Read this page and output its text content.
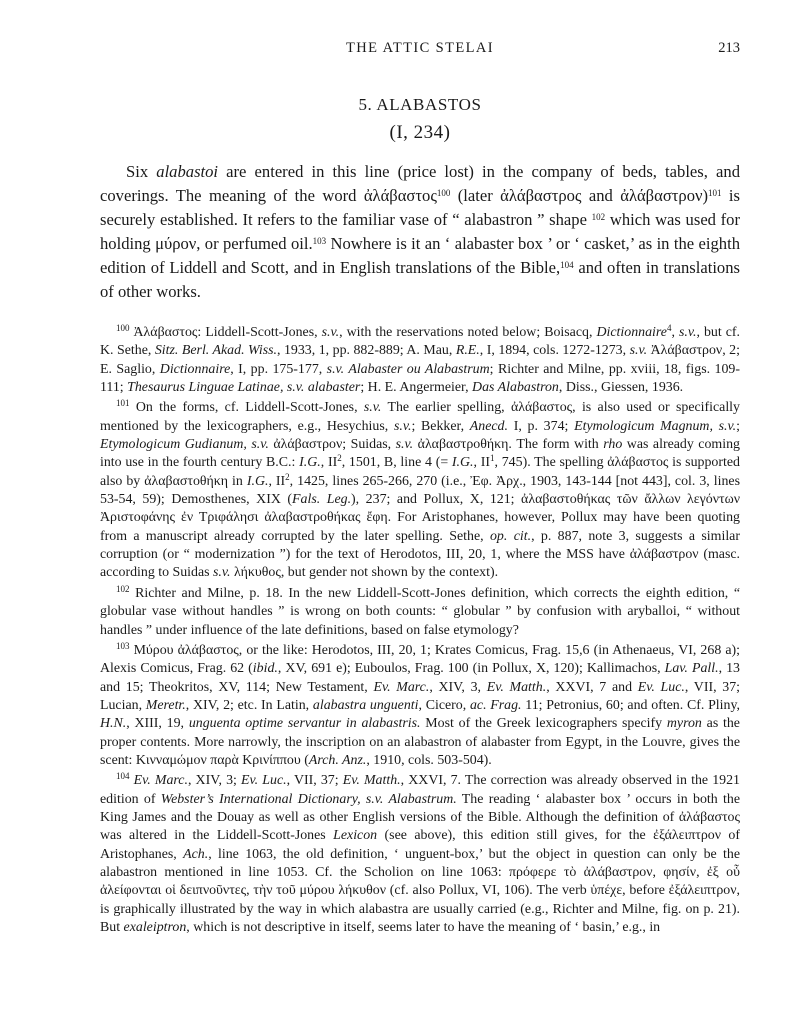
THE ATTIC STELAI	213
5. ALABASTOS
(I, 234)

Six alabastoi are entered in this line (price lost) in the company of beds, tables, and coverings. The meaning of the word ἀλάβαστος$^{100}$ (later ἀλάβαστρος and ἀλάβαστρον)$^{101}$ is securely established. It refers to the familiar vase of “ alabastron ” shape $^{102}$ which was used for holding μύρον, or perfumed oil.$^{103}$ Nowhere is it an ‘ alabaster box ’ or ‘ casket,’ as in the eighth edition of Liddell and Scott, and in English translations of the Bible,$^{104}$ and often in translations of other works.

$^{100}$ Ἀλάβαστος: Liddell-Scott-Jones, s.v., with the reservations noted below; Boisacq, Dictionnaire$^4$, s.v., but cf. K. Sethe, Sitz. Berl. Akad. Wiss., 1933, 1, pp. 882-889; A. Mau, R.E., I, 1894, cols. 1272-1273, s.v. Ἀλάβαστρον, 2; E. Saglio, Dictionnaire, I, pp. 175-177, s.v. Alabaster ou Alabastrum; Richter and Milne, pp. xviii, 18, figs. 109-111; Thesaurus Linguae Latinae, s.v. alabaster; H. E. Angermeier, Das Alabastron, Diss., Giessen, 1936.

$^{101}$ On the forms, cf. Liddell-Scott-Jones, s.v. The earlier spelling, ἀλάβαστος, is also used or specifically mentioned by the lexicographers, e.g., Hesychius, s.v.; Bekker, Anecd. I, p. 374; Etymologicum Magnum, s.v.; Etymologicum Gudianum, s.v. ἀλάβαστρον; Suidas, s.v. ἀλαβαστροθήκη. The form with rho was already coming into use in the fourth century B.C.: I.G., $II^2$, 1501, B, line 4 (= I.G., $II^1$, 745). The spelling ἀλάβαστος is supported also by ἀλαβαστοθήκη in I.G., $II^2$, 1425, lines 265-266, 270 (i.e., Ἐφ. Ἀρχ., 1903, 143-144 [not 443], col. 3, lines 53-54, 59); Demosthenes, XIX (Fals. Leg.), 237; and Pollux, X, 121; ἀλαβαστοθήκας τῶν ἄλλων λεγόντων Ἀριστοφάνης ἐν Τριφάλησι ἀλαβαστροθήκας ἔφη. For Aristophanes, however, Pollux may have been quoting from a manuscript already corrupted by the later spelling. Sethe, op. cit., p. 887, note 3, suggests a similar corruption (or “ modernization ”) for the text of Herodotos, III, 20, 1, where the MSS have ἀλάβαστρον (masc. according to Suidas s.v. λήκυθος, but gender not shown by the context).

$^{102}$ Richter and Milne, p. 18. In the new Liddell-Scott-Jones definition, which corrects the eighth edition, “ globular vase without handles ” is wrong on both counts: “ globular ” by confusion with aryballoi, “ without handles ” under influence of the late definitions, based on false etymology?

$^{103}$ Μύρου ἀλάβαστος, or the like: Herodotos, III, 20, 1; Krates Comicus, Frag. 15,6 (in Athenaeus, VI, 268 a); Alexis Comicus, Frag. 62 (ibid., XV, 691 e); Euboulos, Frag. 100 (in Pollux, X, 120); Kallimachos, Lav. Pall., 13 and 15; Theokritos, XV, 114; New Testament, Ev. Marc., XIV, 3, Ev. Matth., XXVI, 7 and Ev. Luc., VII, 37; Lucian, Meretr., XIV, 2; etc. In Latin, alabastra unguenti, Cicero, ac. Frag. 11; Petronius, 60; and often. Cf. Pliny, H.N., XIII, 19, unguenta optime servantur in alabastris. Most of the Greek lexicographers specify myron as the proper contents. More narrowly, the inscription on an alabastron of alabaster from Egypt, in the Louvre, gives the scent: Κινναμώμον παρὰ Κρινίππου (Arch. Anz., 1910, cols. 503-504).

$^{104}$ Ev. Marc., XIV, 3; Ev. Luc., VII, 37; Ev. Matth., XXVI, 7. The correction was already observed in the 1921 edition of Webster’s International Dictionary, s.v. Alabastrum. The reading ‘ alabaster box ’ occurs in both the King James and the Douay as well as other English versions of the Bible. Although the definition of ἀλάβαστος was altered in the Liddell-Scott-Jones Lexicon (see above), this edition still gives, for the ἐξάλειπτρον of Aristophanes, Ach., line 1063, the old definition, ‘ unguent-box,’ but the object in question can only be the alabastron mentioned in line 1053. Cf. the Scholion on line 1063: πρόφερε τὸ ἀλάβαστρον, φησίν, ἐξ οὗ ἀλείφονται οἱ δειπνοῦντες, τὴν τοῦ μύρου λήκυθον (cf. also Pollux, VI, 106). The verb ὑπέχε, before ἐξάλειπτρον, is graphically illustrated by the way in which alabastra are usually carried (e.g., Richter and Milne, fig. on p. 21). But exaleiptron, which is not descriptive in itself, seems later to have the meaning of ‘ basin,’ e.g., in
